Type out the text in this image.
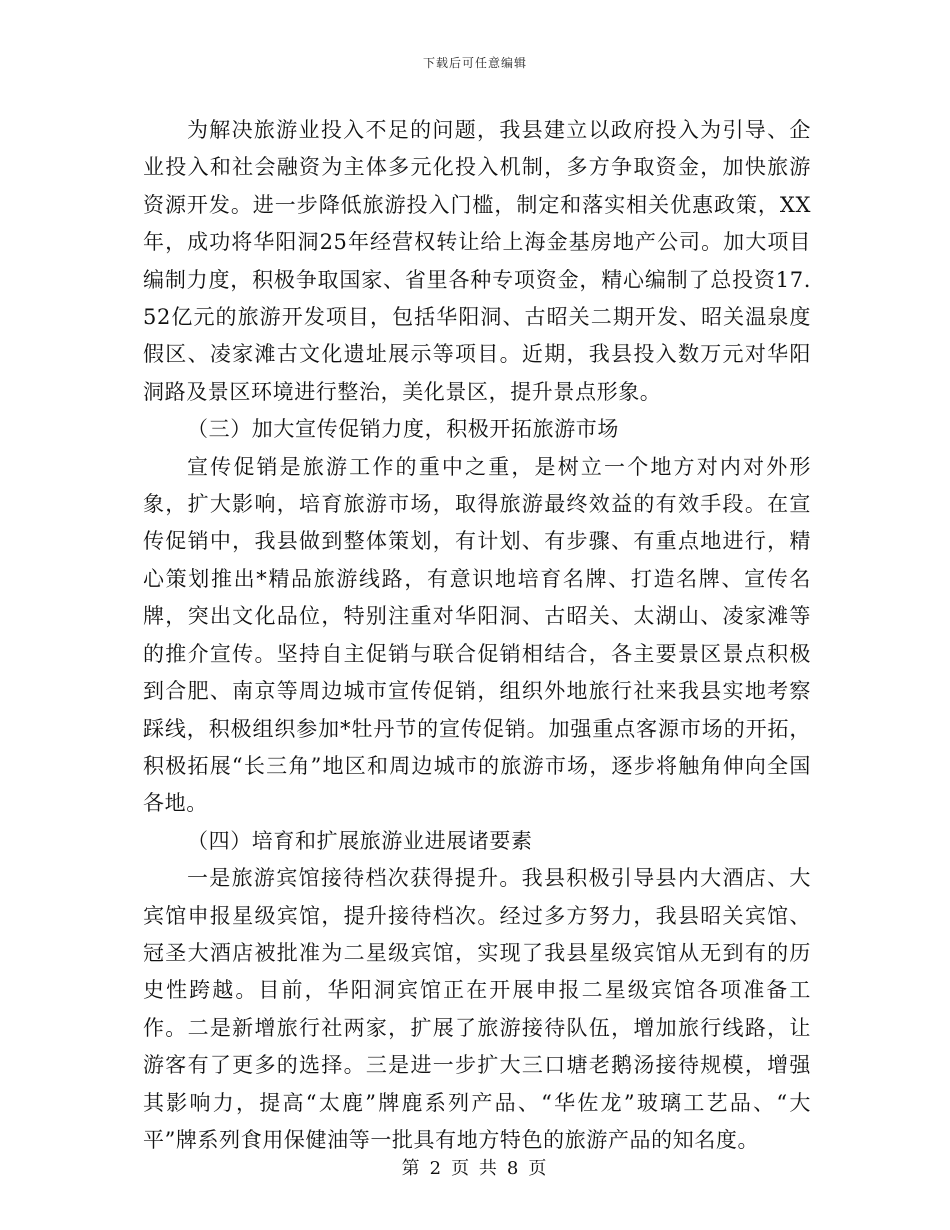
下载后可任意编辑

为解决旅游业投入不足的问题，我县建立以政府投入为引导、企业投入和社会融资为主体多元化投入机制，多方争取资金，加快旅游资源开发。进一步降低旅游投入门槛，制定和落实相关优惠政策，XX年，成功将华阳洞25年经营权转让给上海金基房地产公司。加大项目编制力度，积极争取国家、省里各种专项资金，精心编制了总投资17.52亿元的旅游开发项目，包括华阳洞、古昭关二期开发、昭关温泉度假区、凌家滩古文化遗址展示等项目。近期，我县投入数万元对华阳洞路及景区环境进行整治，美化景区，提升景点形象。

（三）加大宣传促销力度，积极开拓旅游市场

宣传促销是旅游工作的重中之重，是树立一个地方对内对外形象，扩大影响，培育旅游市场，取得旅游最终效益的有效手段。在宣传促销中，我县做到整体策划，有计划、有步骤、有重点地进行，精心策划推出*精品旅游线路，有意识地培育名牌、打造名牌、宣传名牌，突出文化品位，特别注重对华阳洞、古昭关、太湖山、凌家滩等的推介宣传。坚持自主促销与联合促销相结合，各主要景区景点积极到合肥、南京等周边城市宣传促销，组织外地旅行社来我县实地考察踩线，积极组织参加*牡丹节的宣传促销。加强重点客源市场的开拓，积极拓展“长三角”地区和周边城市的旅游市场，逐步将触角伸向全国各地。

（四）培育和扩展旅游业进展诸要素

一是旅游宾馆接待档次获得提升。我县积极引导县内大酒店、大宾馆申报星级宾馆，提升接待档次。经过多方努力，我县昭关宾馆、冠圣大酒店被批准为二星级宾馆，实现了我县星级宾馆从无到有的历史性跨越。目前，华阳洞宾馆正在开展申报二星级宾馆各项准备工作。二是新增旅行社两家，扩展了旅游接待队伍，增加旅行线路，让游客有了更多的选择。三是进一步扩大三口塘老鹅汤接待规模，增强其影响力，提高“太鹿”牌鹿系列产品、“华佐龙”玻璃工艺品、“大平”牌系列食用保健油等一批具有地方特色的旅游产品的知名度。

第 2 页 共 8 页
